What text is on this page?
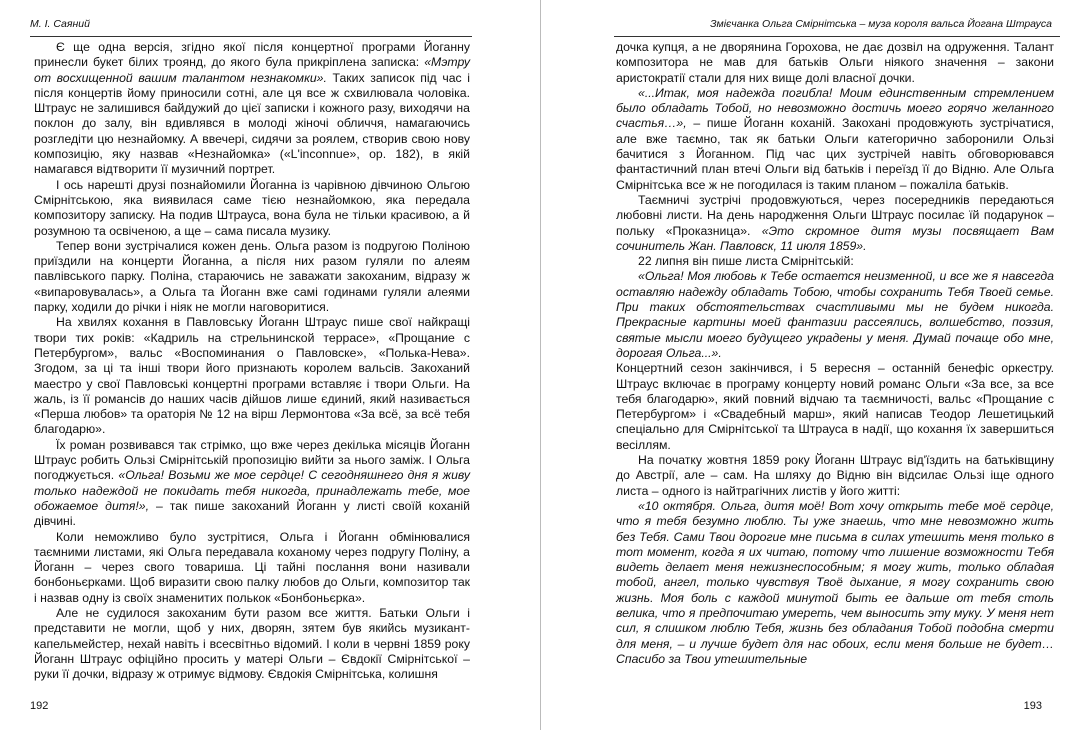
М. І. Саяний

Є ще одна версія, згідно якої після концертної програми Йоганну принесли букет білих троянд, до якого була прикріплена записка: «Мэтру от восхищенной вашим талантом незнакомки». Таких записок під час і після концертів йому приносили сотні, але ця все ж схвилювала чоловіка. Штраус не залишився байдужий до цієї записки і кожного разу, виходячи на поклон до залу, він вдивлявся в молоді жіночі обличчя, намагаючись розгледіти цю незнайомку. А ввечері, сидячи за роялем, створив свою нову композицію, яку назвав «Незнайомка» («L'inconnue», ор. 182), в якій намагався відтворити її музичний портрет.

І ось нарешті друзі познайомили Йоганна із чарівною дівчиною Ольгою Смірнітською, яка виявилася саме тією незнайомкою, яка передала композитору записку. На подив Штрауса, вона була не тільки красивою, а й розумною та освіченою, а ще – сама писала музику.

Тепер вони зустрічалися кожен день. Ольга разом із подругою Поліною приїздили на концерти Йоганна, а після них разом гуляли по алеям павлівського парку. Поліна, стараючись не заважати закоханим, відразу ж «випаровувалась», а Ольга та Йоганн вже самі годинами гуляли алеями парку, ходили до річки і ніяк не могли наговоритися.

На хвилях кохання в Павловську Йоганн Штраус пише свої найкращі твори тих років: «Кадриль на стрельнинской террасе», «Прощание с Петербургом», вальс «Воспоминания о Павловске», «Полька-Нева». Згодом, за ці та інші твори його признають королем вальсів. Закоханий маестро у свої Павловські концертні програми вставляє і твори Ольги. На жаль, із її романсів до наших часів дійшов лише єдиний, який називається «Перша любов» та ораторія № 12 на вірш Лермонтова «За всё, за всё тебя благодарю».

Їх роман розвивався так стрімко, що вже через декілька місяців Йоганн Штраус робить Ользі Смірнітській пропозицію вийти за нього заміж. І Ольга погоджується. «Ольга! Возьми же мое сердце! С сегодняшнего дня я живу только надеждой не покидать тебя никогда, принадлежать тебе, мое обожаемое дитя!», – так пише закоханий Йоганн у листі своїй коханій дівчині.

Коли неможливо було зустрітися, Ольга і Йоганн обмінювалися таємними листами, які Ольга передавала коханому через подругу Поліну, а Йоганн – через свого товариша. Ці тайні послання вони називали бонбоньєрками. Щоб виразити свою палку любов до Ольги, композитор так і назвав одну із своїх знаменитих полькок «Бонбоньєрка».

Але не судилося закоханим бути разом все життя. Батьки Ольги і представити не могли, щоб у них, дворян, зятем був якийсь музикант-капельмейстер, нехай навіть і всесвітньо відомий. І коли в червні 1859 року Йоганн Штраус офіційно просить у матері Ольги – Євдокії Смірнітської – руки її дочки, відразу ж отримує відмову. Євдокія Смірнітська, колишня

192
Змієчанка Ольга Смірнітська – муза короля вальса Йогана Штрауса

дочка купця, а не дворянина Горохова, не дає дозвіл на одруження. Талант композитора не мав для батьків Ольги ніякого значення – закони аристократії стали для них вище долі власної дочки.

«...Итак, моя надежда погибла! Моим единственным стремлением было обладать Тобой, но невозможно достичь моего горячо желанного счастья…», – пише Йоганн коханій. Закохані продовжують зустрічатися, але вже таємно, так як батьки Ольги категорично заборонили Ользі бачитися з Йоганном. Під час цих зустрічей навіть обговорювався фантастичний план втечі Ольги від батьків і переїзд її до Відню. Але Ольга Смірнітська все ж не погодилася із таким планом – пожаліла батьків.

Таємничі зустрічі продовжуються, через посередників передаються любовні листи. На день народження Ольги Штраус посилає їй подарунок – польку «Проказница». «Это скромное дитя музы посвящает Вам сочинитель Жан. Павловск, 11 июля 1859».

22 липня він пише листа Смірнітській:

«Ольга! Моя любовь к Тебе остается неизменной, и все же я навсегда оставляю надежду обладать Тобою, чтобы сохранить Тебя Твоей семье. При таких обстоятельствах счастливыми мы не будем никогда. Прекрасные картины моей фантазии рассеялись, волшебство, поэзия, святые мысли моего будущего украдены у меня. Думай почаще обо мне, дорогая Ольга...».

Концертний сезон закінчився, і 5 вересня – останній бенефіс оркестру. Штраус включає в програму концерту новий романс Ольги «За все, за все тебя благодарю», який повний відчаю та таємничості, вальс «Прощание с Петербургом» і «Свадебный марш», який написав Теодор Лешетицький спеціально для Смірнітської та Штрауса в надії, що кохання їх завершиться весіллям.

На початку жовтня 1859 року Йоганн Штраус від'їздить на батьківщину до Австрії, але – сам. На шляху до Відню він відсилає Ользі іще одного листа – одного із найтрагічних листів у його житті:

«10 октября. Ольга, дитя моё! Вот хочу открыть тебе моё сердце, что я тебя безумно люблю. Ты уже знаешь, что мне невозможно жить без Тебя. Сами Твои дорогие мне письма в силах утешить меня только в тот момент, когда я их читаю, потому что лишение возможности Тебя видеть делает меня нежизнеспособным; я могу жить, только обладая тобой, ангел, только чувствуя Твоё дыхание, я могу сохранить свою жизнь. Моя боль с каждой минутой быть ее дальше от тебя столь велика, что я предпочитаю умереть, чем выносить эту муку. У меня нет сил, я слишком люблю Тебя, жизнь без обладания Тобой подобна смерти для меня, – и лучше будет для нас обоих, если меня больше не будет… Спасибо за Твои утешительные

193
